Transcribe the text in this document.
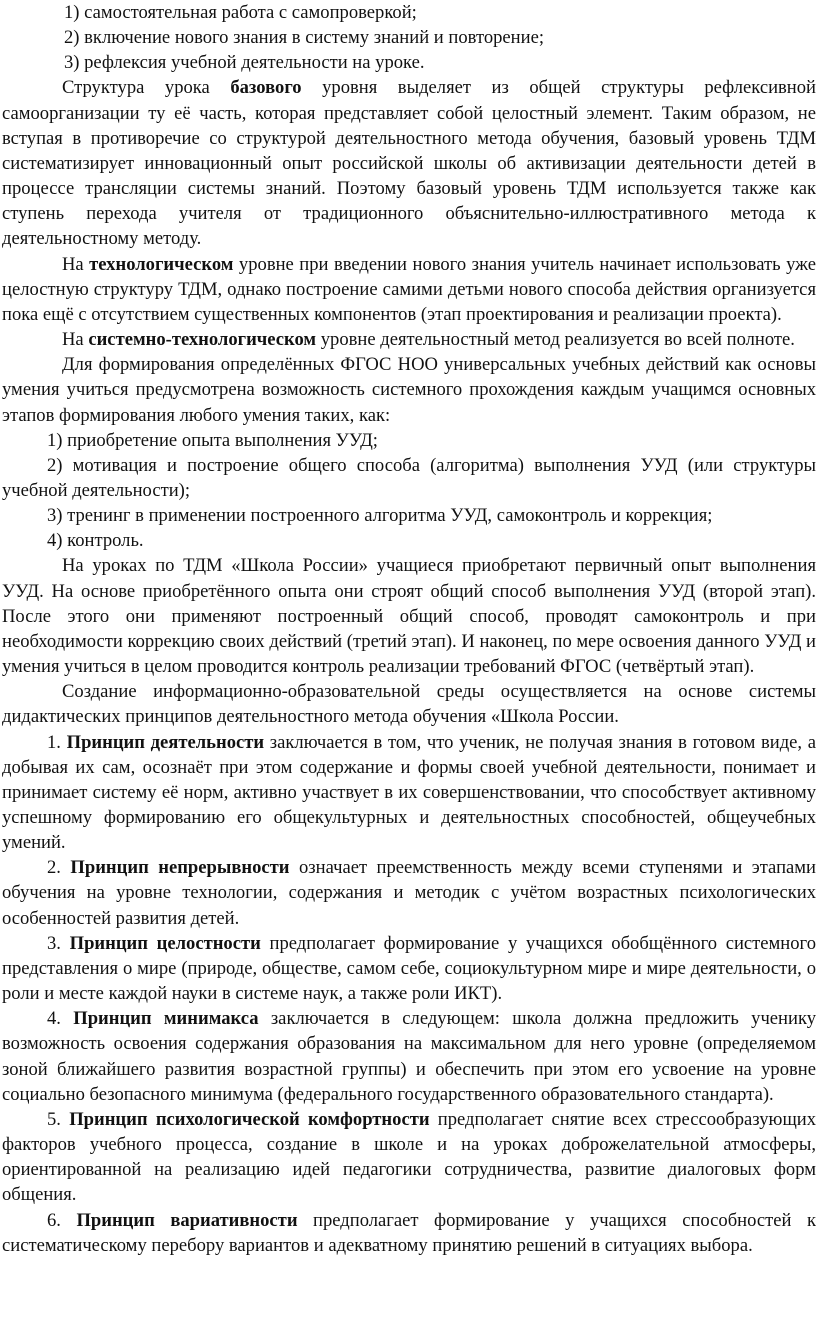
1) самостоятельная работа с самопроверкой;
2) включение нового знания в систему знаний и повторение;
3) рефлексия учебной деятельности на уроке.

Структура урока базового уровня выделяет из общей структуры рефлексивной самоорганизации ту её часть, которая представляет собой целостный элемент. Таким образом, не вступая в противоречие со структурой деятельностного метода обучения, базовый уровень ТДМ систематизирует инновационный опыт российской школы об активизации деятельности детей в процессе трансляции системы знаний. Поэтому базовый уровень ТДМ используется также как ступень перехода учителя от традиционного объяснительно-иллюстративного метода к деятельностному методу.

На технологическом уровне при введении нового знания учитель начинает использовать уже целостную структуру ТДМ, однако построение самими детьми нового способа действия организуется пока ещё с отсутствием существенных компонентов (этап проектирования и реализации проекта).

На системно-технологическом уровне деятельностный метод реализуется во всей полноте.

Для формирования определённых ФГОС НОО универсальных учебных действий как основы умения учиться предусмотрена возможность системного прохождения каждым учащимся основных этапов формирования любого умения таких, как:

1) приобретение опыта выполнения УУД;

2) мотивация и построение общего способа (алгоритма) выполнения УУД (или структуры учебной деятельности);

3) тренинг в применении построенного алгоритма УУД, самоконтроль и коррекция;

4) контроль.

На уроках по ТДМ «Школа России» учащиеся приобретают первичный опыт выполнения УУД. На основе приобретённого опыта они строят общий способ выполнения УУД (второй этап). После этого они применяют построенный общий способ, проводят самоконтроль и при необходимости коррекцию своих действий (третий этап). И наконец, по мере освоения данного УУД и умения учиться в целом проводится контроль реализации требований ФГОС (четвёртый этап).

Создание информационно-образовательной среды осуществляется на основе системы дидактических принципов деятельностного метода обучения «Школа России.

1. Принцип деятельности заключается в том, что ученик, не получая знания в готовом виде, а добывая их сам, осознаёт при этом содержание и формы своей учебной деятельности, понимает и принимает систему её норм, активно участвует в их совершенствовании, что способствует активному успешному формированию его общекультурных и деятельностных способностей, общеучебных умений.

2. Принцип непрерывности означает преемственность между всеми ступенями и этапами обучения на уровне технологии, содержания и методик с учётом возрастных психологических особенностей развития детей.

3. Принцип целостности предполагает формирование у учащихся обобщённого системного представления о мире (природе, обществе, самом себе, социокультурном мире и мире деятельности, о роли и месте каждой науки в системе наук, а также роли ИКТ).

4. Принцип минимакса заключается в следующем: школа должна предложить ученику возможность освоения содержания образования на максимальном для него уровне (определяемом зоной ближайшего развития возрастной группы) и обеспечить при этом его усвоение на уровне социально безопасного минимума (федерального государственного образовательного стандарта).

5. Принцип психологической комфортности предполагает снятие всех стрессообразующих факторов учебного процесса, создание в школе и на уроках доброжелательной атмосферы, ориентированной на реализацию идей педагогики сотрудничества, развитие диалоговых форм общения.

6. Принцип вариативности предполагает формирование у учащихся способностей к систематическому перебору вариантов и адекватному принятию решений в ситуациях выбора.
